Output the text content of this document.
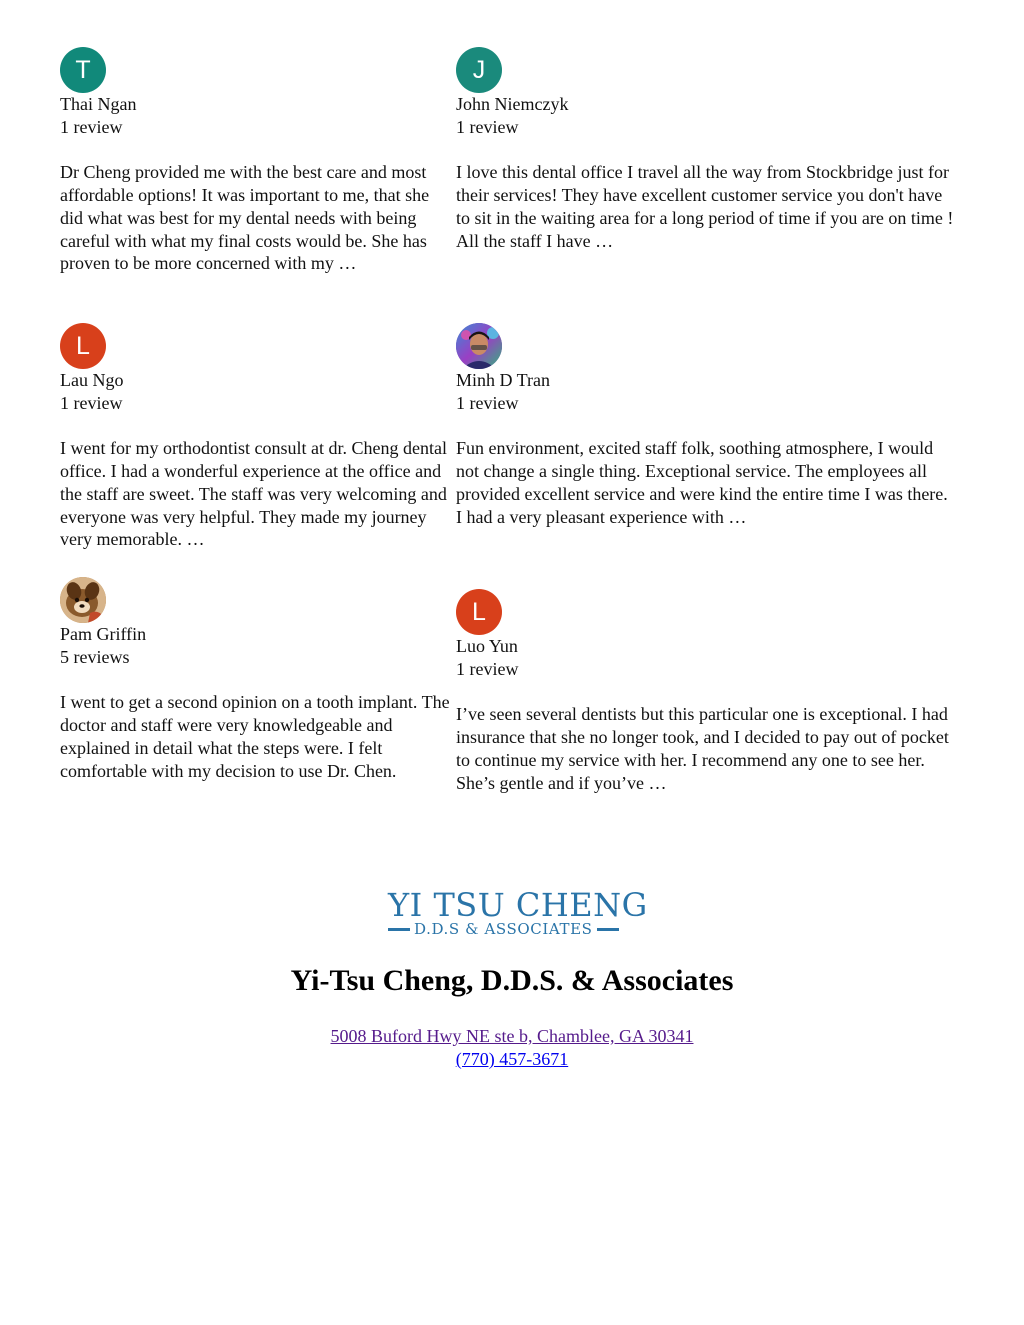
T
Thai Ngan
1 review
Dr Cheng provided me with the best care and most affordable options! It was important to me, that she did what was best for my dental needs with being careful with what my final costs would be. She has proven to be more concerned with my …
J
John Niemczyk
1 review
I love this dental office I travel all the way from Stockbridge just for their services! They have excellent customer service you don't have to sit in the waiting area for a long period of time if you are on time ! All the staff I have …
L
Lau Ngo
1 review
I went for my orthodontist consult at dr. Cheng dental office. I had a wonderful experience at the office and the staff are sweet. The staff was very welcoming and everyone was very helpful. They made my journey very memorable. …
Minh D Tran
1 review
Fun environment, excited staff folk, soothing atmosphere, I would not change a single thing. Exceptional service. The employees all provided excellent service and were kind the entire time I was there. I had a very pleasant experience with …
Pam Griffin
5 reviews
I went to get a second opinion on a tooth implant. The doctor and staff were very knowledgeable and explained in detail what the steps were. I felt comfortable with my decision to use Dr. Chen.
L
Luo Yun
1 review
I’ve seen several dentists but this particular one is exceptional. I had insurance that she no longer took, and I decided to pay out of pocket to continue my service with her. I recommend any one to see her. She’s gentle and if you’ve …
YI TSU CHENG
D.D.S & ASSOCIATES
Yi-Tsu Cheng, D.D.S. & Associates
5008 Buford Hwy NE ste b, Chamblee, GA 30341
(770) 457-3671
